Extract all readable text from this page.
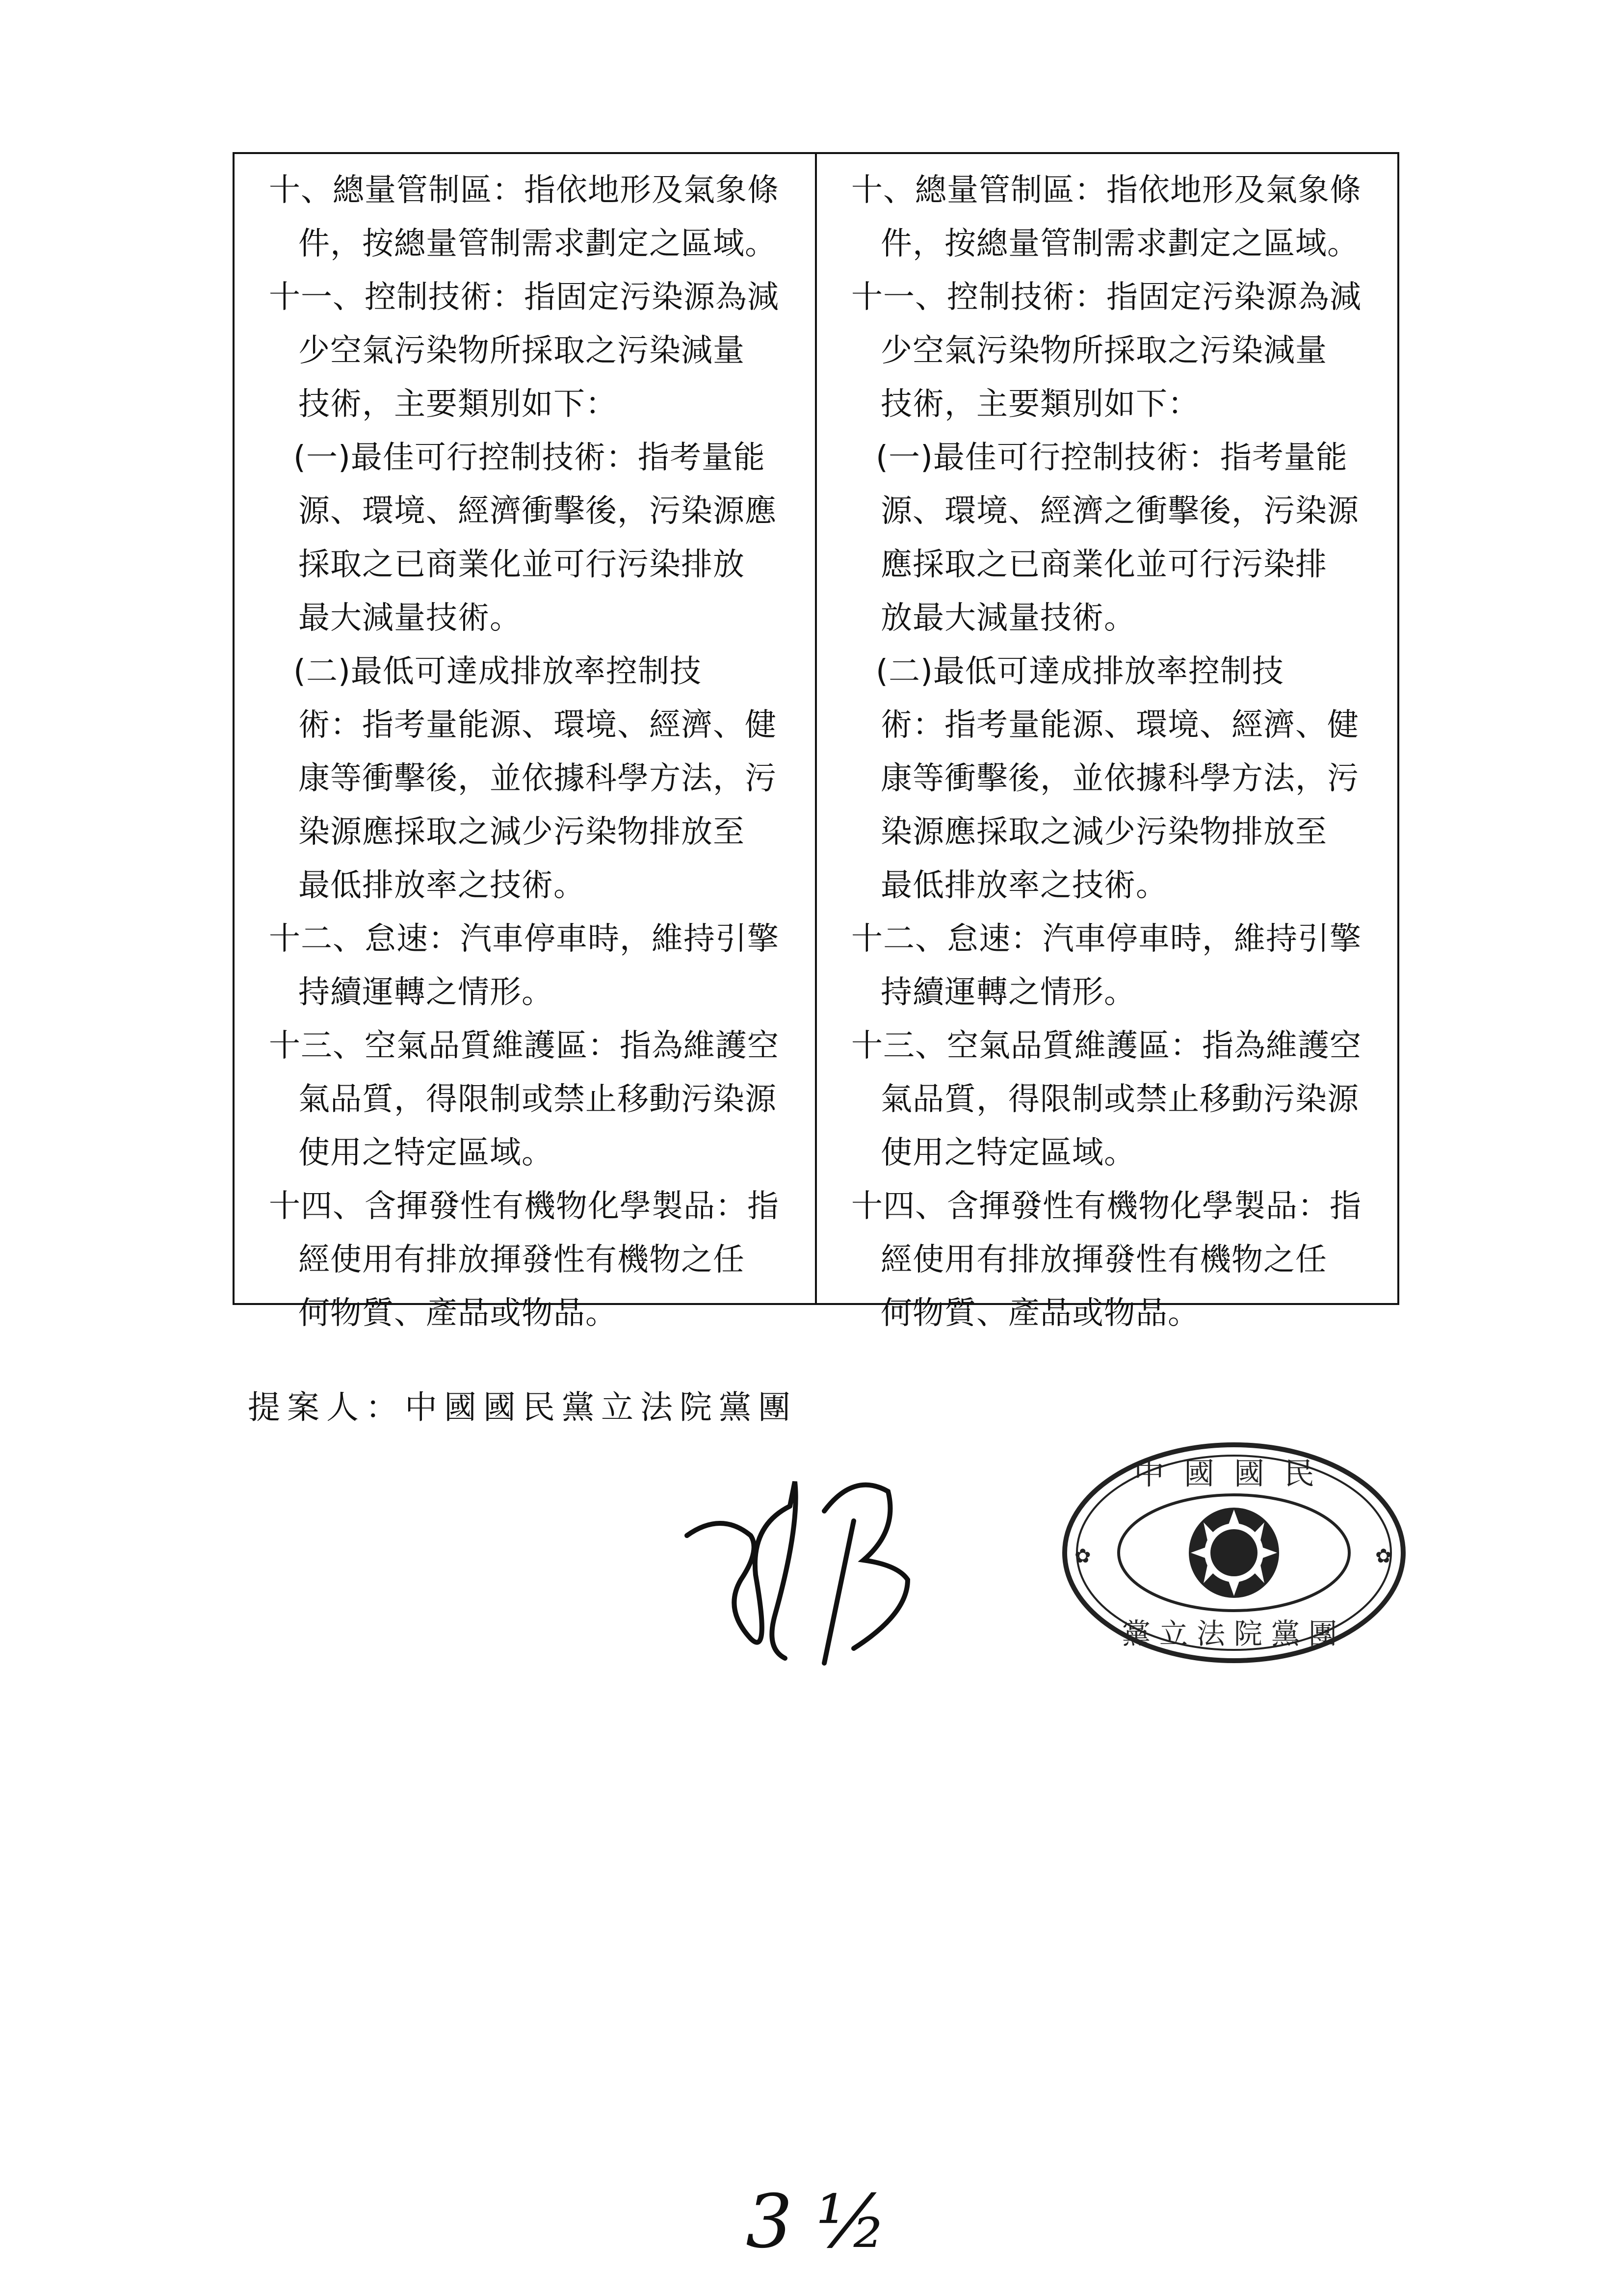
十、總量管制區：指依地形及氣象條
件，按總量管制需求劃定之區域。
十一、控制技術：指固定污染源為減
少空氣污染物所採取之污染減量
技術，主要類別如下：
(一)最佳可行控制技術：指考量能
源、環境、經濟衝擊後，污染源應
採取之已商業化並可行污染排放
最大減量技術。
(二)最低可達成排放率控制技
術：指考量能源、環境、經濟、健
康等衝擊後，並依據科學方法，污
染源應採取之減少污染物排放至
最低排放率之技術。
十二、怠速：汽車停車時，維持引擎
持續運轉之情形。
十三、空氣品質維護區：指為維護空
氣品質，得限制或禁止移動污染源
使用之特定區域。
十四、含揮發性有機物化學製品：指
經使用有排放揮發性有機物之任
何物質、產品或物品。
十、總量管制區：指依地形及氣象條
件，按總量管制需求劃定之區域。
十一、控制技術：指固定污染源為減
少空氣污染物所採取之污染減量
技術，主要類別如下：
(一)最佳可行控制技術：指考量能
源、環境、經濟之衝擊後，污染源
應採取之已商業化並可行污染排
放最大減量技術。
(二)最低可達成排放率控制技
術：指考量能源、環境、經濟、健
康等衝擊後，並依據科學方法，污
染源應採取之減少污染物排放至
最低排放率之技術。
十二、怠速：汽車停車時，維持引擎
持續運轉之情形。
十三、空氣品質維護區：指為維護空
氣品質，得限制或禁止移動污染源
使用之特定區域。
十四、含揮發性有機物化學製品：指
經使用有排放揮發性有機物之任
何物質、產品或物品。
提案人：中國國民黨立法院黨團
中國國民
黨立法院黨團
✿	✿
3 ½
